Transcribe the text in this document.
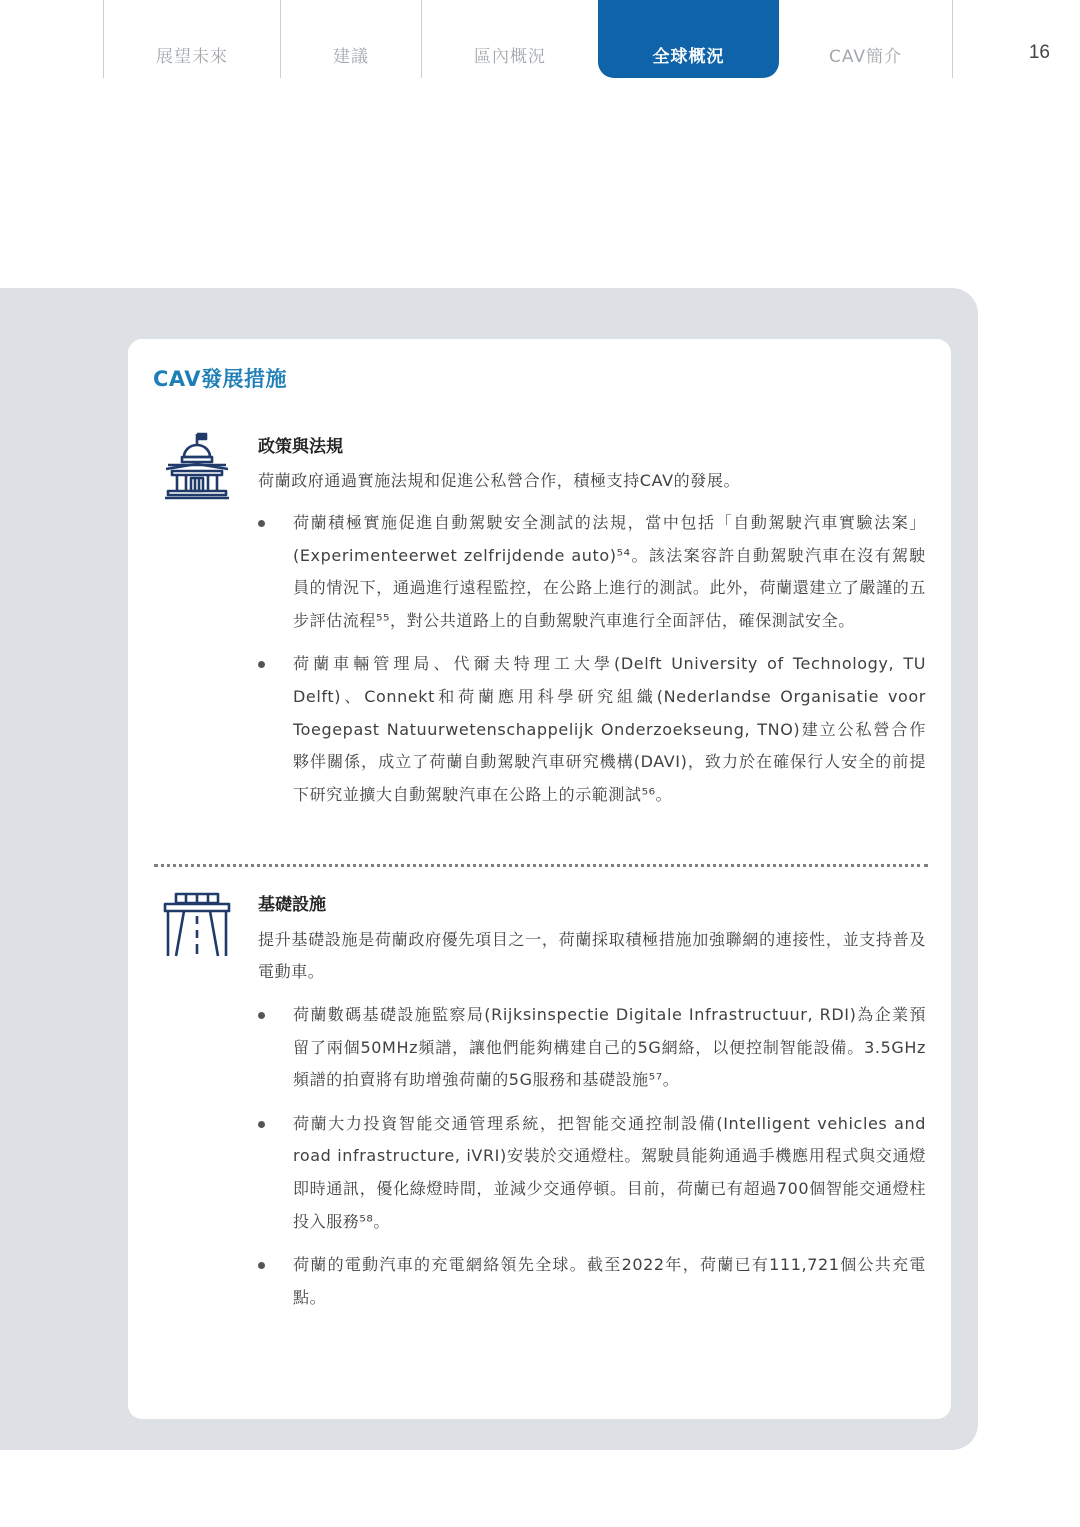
展望未來	建議	區內概況	全球概況	CAV簡介	16
CAV發展措施
政策與法規
荷蘭政府通過實施法規和促進公私營合作，積極支持CAV的發展。
荷蘭積極實施促進自動駕駛安全測試的法規，當中包括「自動駕駛汽車實驗法案」(Experimenteerwet zelfrijdende auto)⁵⁴。該法案容許自動駕駛汽車在沒有駕駛員的情況下，通過進行遠程監控，在公路上進行的測試。此外，荷蘭還建立了嚴謹的五步評估流程⁵⁵，對公共道路上的自動駕駛汽車進行全面評估，確保測試安全。
荷蘭車輛管理局、代爾夫特理工大學(Delft University of Technology, TU Delft)、Connekt和荷蘭應用科學研究組織(Nederlandse Organisatie voor Toegepast Natuurwetenschappelijk Onderzoekseung, TNO)建立公私營合作夥伴關係，成立了荷蘭自動駕駛汽車研究機構(DAVI)，致力於在確保行人安全的前提下研究並擴大自動駕駛汽車在公路上的示範測試⁵⁶。
基礎設施
提升基礎設施是荷蘭政府優先項目之一，荷蘭採取積極措施加強聯網的連接性，並支持普及電動車。
荷蘭數碼基礎設施監察局(Rijksinspectie Digitale Infrastructuur, RDI)為企業預留了兩個50MHz頻譜，讓他們能夠構建自己的5G網絡，以便控制智能設備。3.5GHz頻譜的拍賣將有助增強荷蘭的5G服務和基礎設施⁵⁷。
荷蘭大力投資智能交通管理系統，把智能交通控制設備(Intelligent vehicles and road infrastructure, iVRI)安裝於交通燈柱。駕駛員能夠通過手機應用程式與交通燈即時通訊，優化綠燈時間，並減少交通停頓。目前，荷蘭已有超過700個智能交通燈柱投入服務⁵⁸。
荷蘭的電動汽車的充電網絡領先全球。截至2022年，荷蘭已有111,721個公共充電點。
